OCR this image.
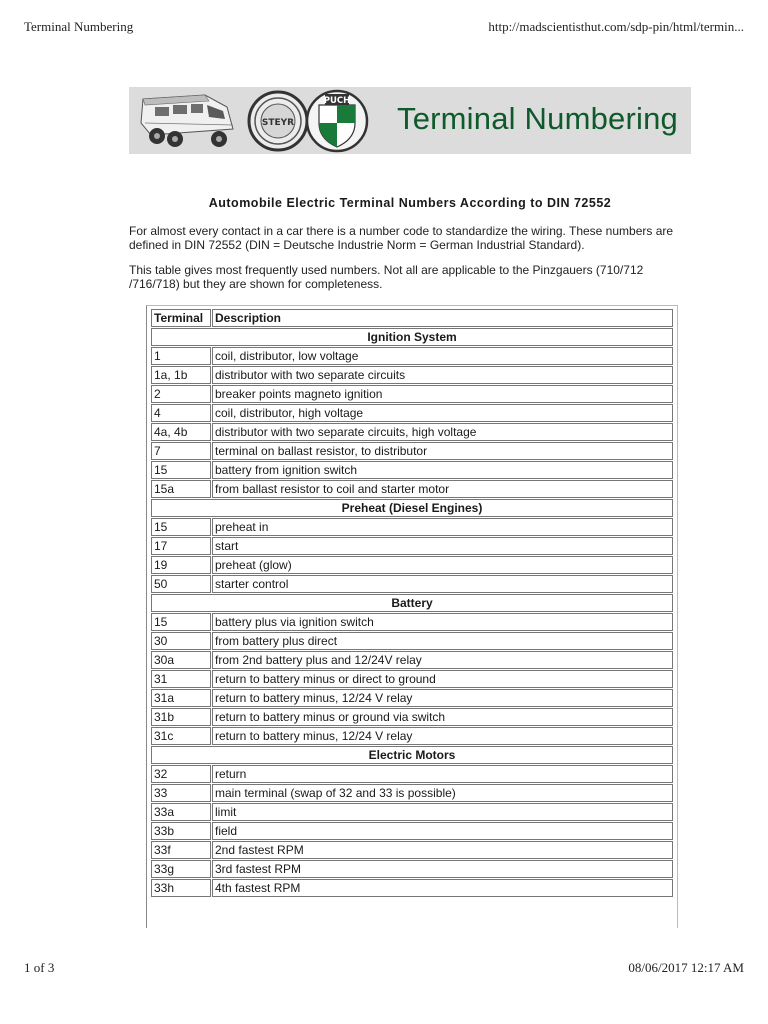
Terminal Numbering	http://madscientisthut.com/sdp-pin/html/termin...
STEYR
PUCH Terminal Numbering
Automobile Electric Terminal Numbers According to DIN 72552
For almost every contact in a car there is a number code to standardize the wiring. These numbers are defined in DIN 72552 (DIN = Deutsche Industrie Norm = German Industrial Standard).
This table gives most frequently used numbers. Not all are applicable to the Pinzgauers (710/712 /716/718) but they are shown for completeness.
Terminal	Description
Ignition System	
1	coil, distributor, low voltage
1a, 1b	distributor with two separate circuits
2	breaker points magneto ignition
4	coil, distributor, high voltage
4a, 4b	distributor with two separate circuits, high voltage
7	terminal on ballast resistor, to distributor
15	battery from ignition switch
15a	from ballast resistor to coil and starter motor
Preheat (Diesel Engines)	
15	preheat in
17	start
19	preheat (glow)
50	starter control
Battery	
15	battery plus via ignition switch
30	from battery plus direct
30a	from 2nd battery plus and 12/24V relay
31	return to battery minus or direct to ground
31a	return to battery minus, 12/24 V relay
31b	return to battery minus or ground via switch
31c	return to battery minus, 12/24 V relay
Electric Motors	
32	return
33	main terminal (swap of 32 and 33 is possible)
33a	limit
33b	field
33f	2nd fastest RPM
33g	3rd fastest RPM
33h	4th fastest RPM
1 of 3	08/06/2017 12:17 AM
